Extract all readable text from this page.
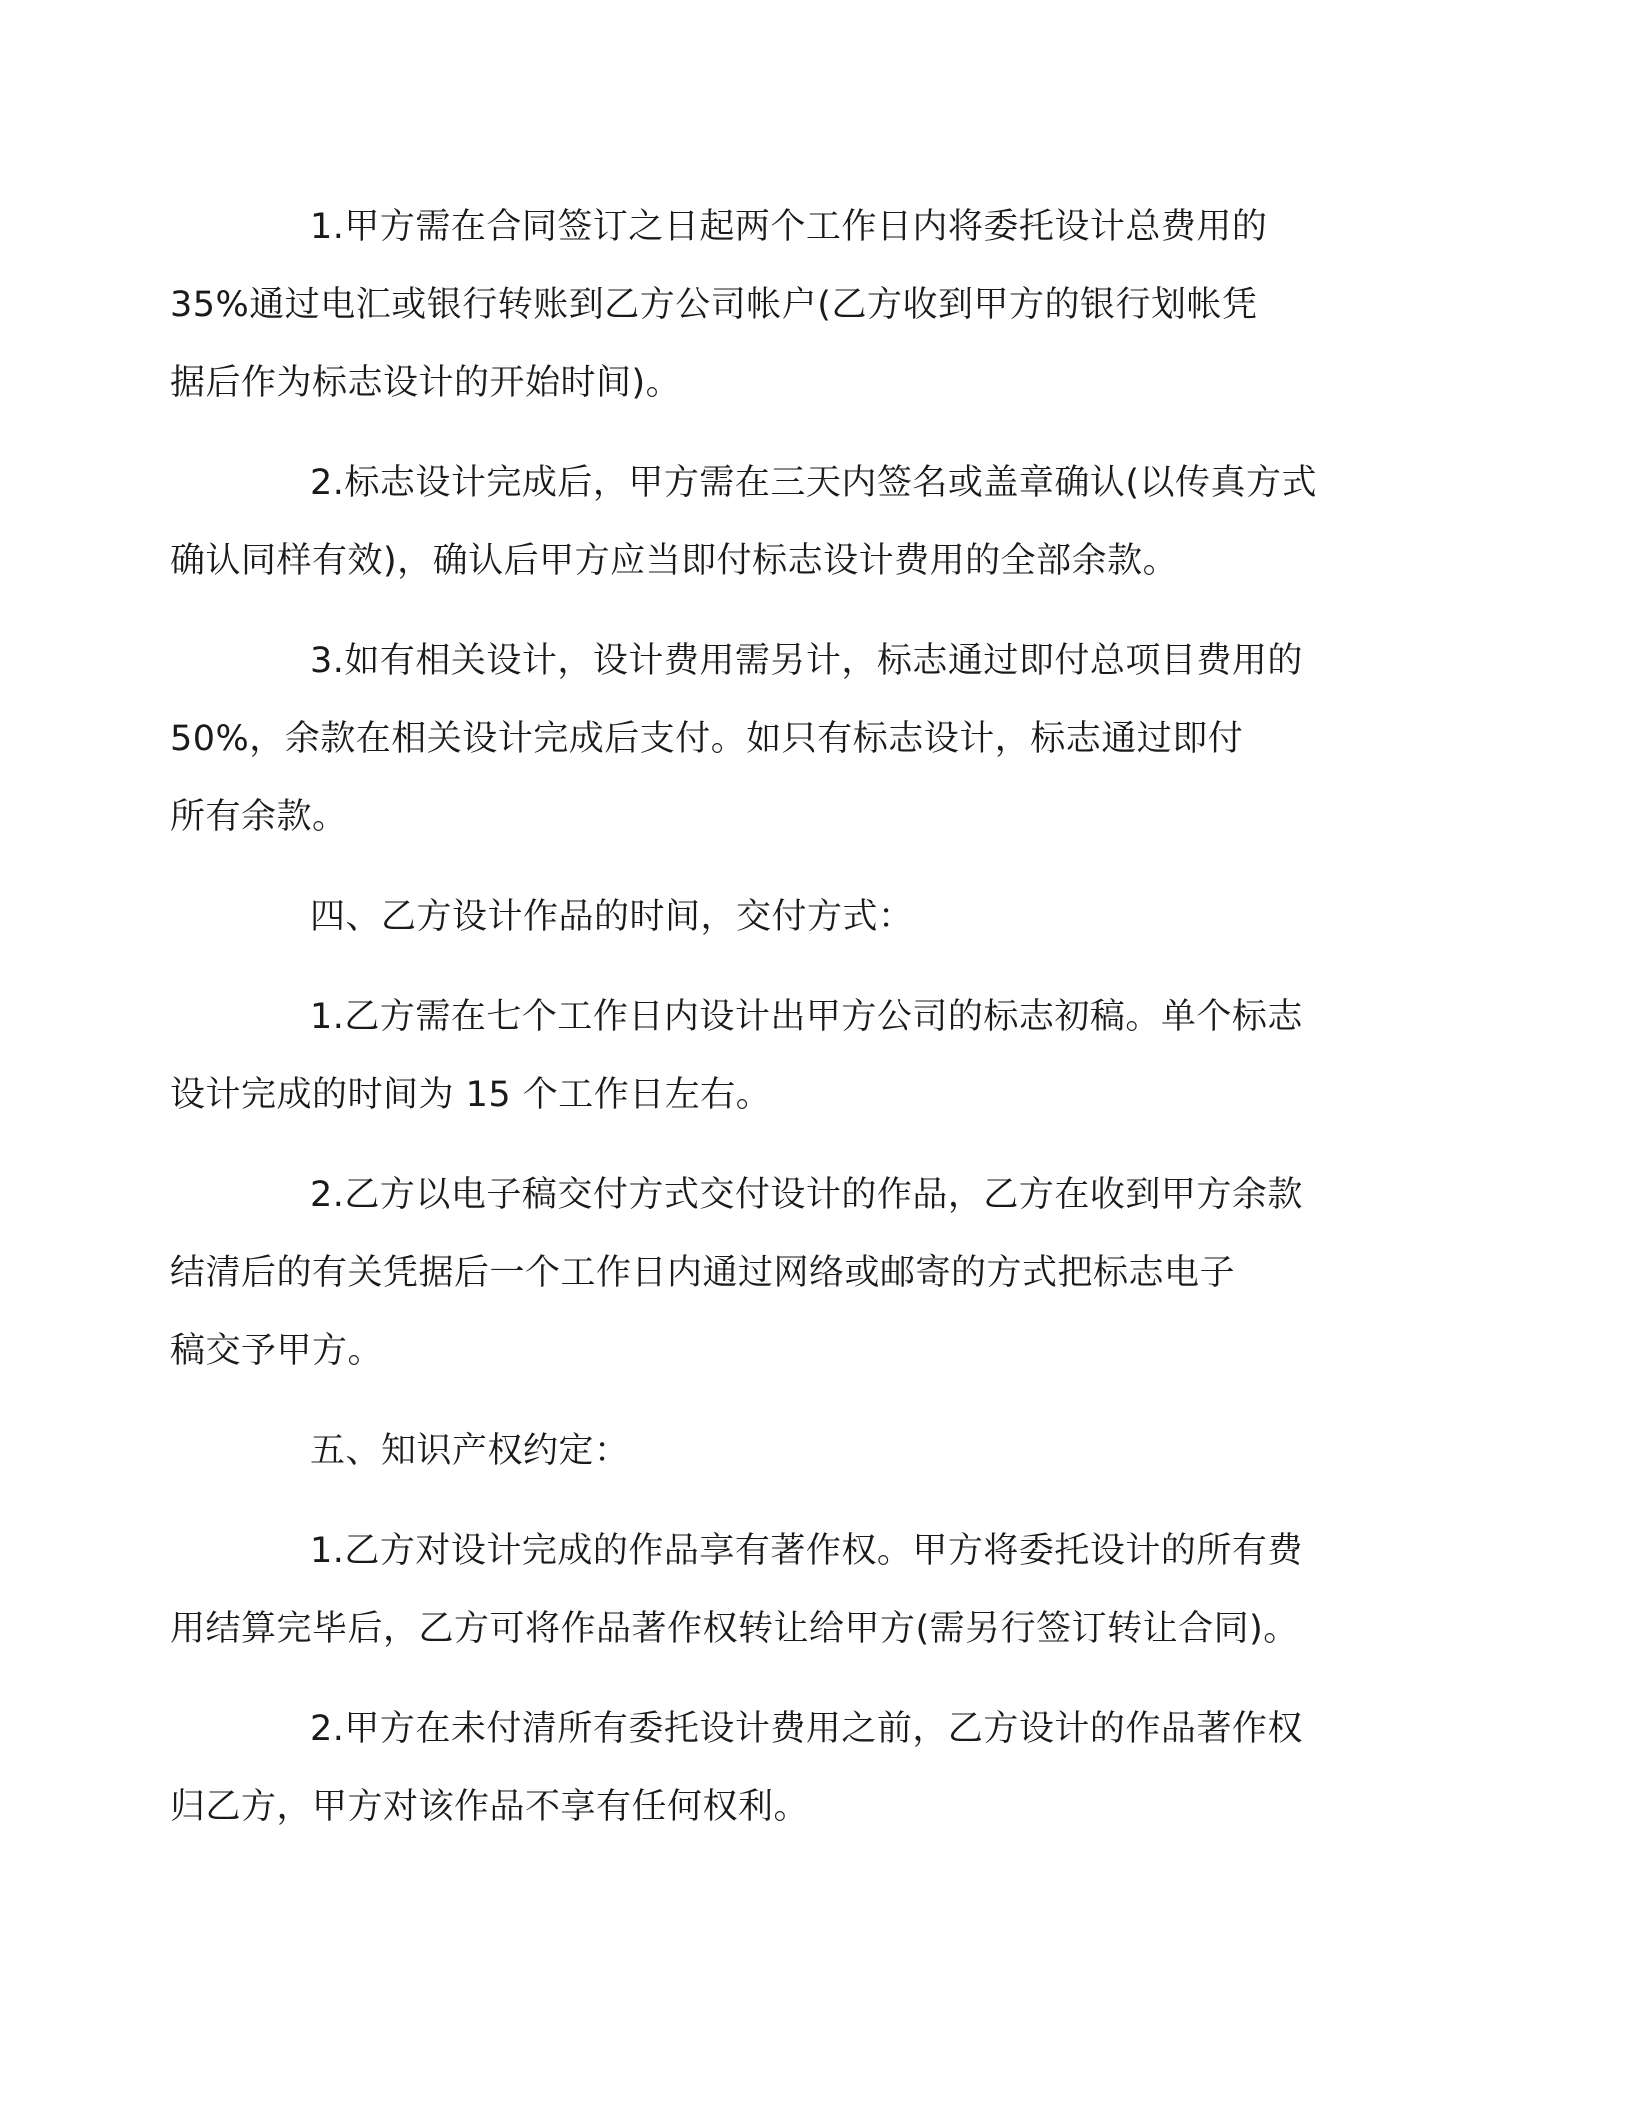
1.甲方需在合同签订之日起两个工作日内将委托设计总费用的
35%通过电汇或银行转账到乙方公司帐户(乙方收到甲方的银行划帐凭
据后作为标志设计的开始时间)。

2.标志设计完成后，甲方需在三天内签名或盖章确认(以传真方式
确认同样有效)，确认后甲方应当即付标志设计费用的全部余款。

3.如有相关设计，设计费用需另计，标志通过即付总项目费用的
50%，余款在相关设计完成后支付。如只有标志设计，标志通过即付
所有余款。

四、乙方设计作品的时间，交付方式：

1.乙方需在七个工作日内设计出甲方公司的标志初稿。单个标志
设计完成的时间为 15 个工作日左右。

2.乙方以电子稿交付方式交付设计的作品，乙方在收到甲方余款
结清后的有关凭据后一个工作日内通过网络或邮寄的方式把标志电子
稿交予甲方。

五、知识产权约定：

1.乙方对设计完成的作品享有著作权。甲方将委托设计的所有费
用结算完毕后，乙方可将作品著作权转让给甲方(需另行签订转让合同)。

2.甲方在未付清所有委托设计费用之前，乙方设计的作品著作权
归乙方，甲方对该作品不享有任何权利。
